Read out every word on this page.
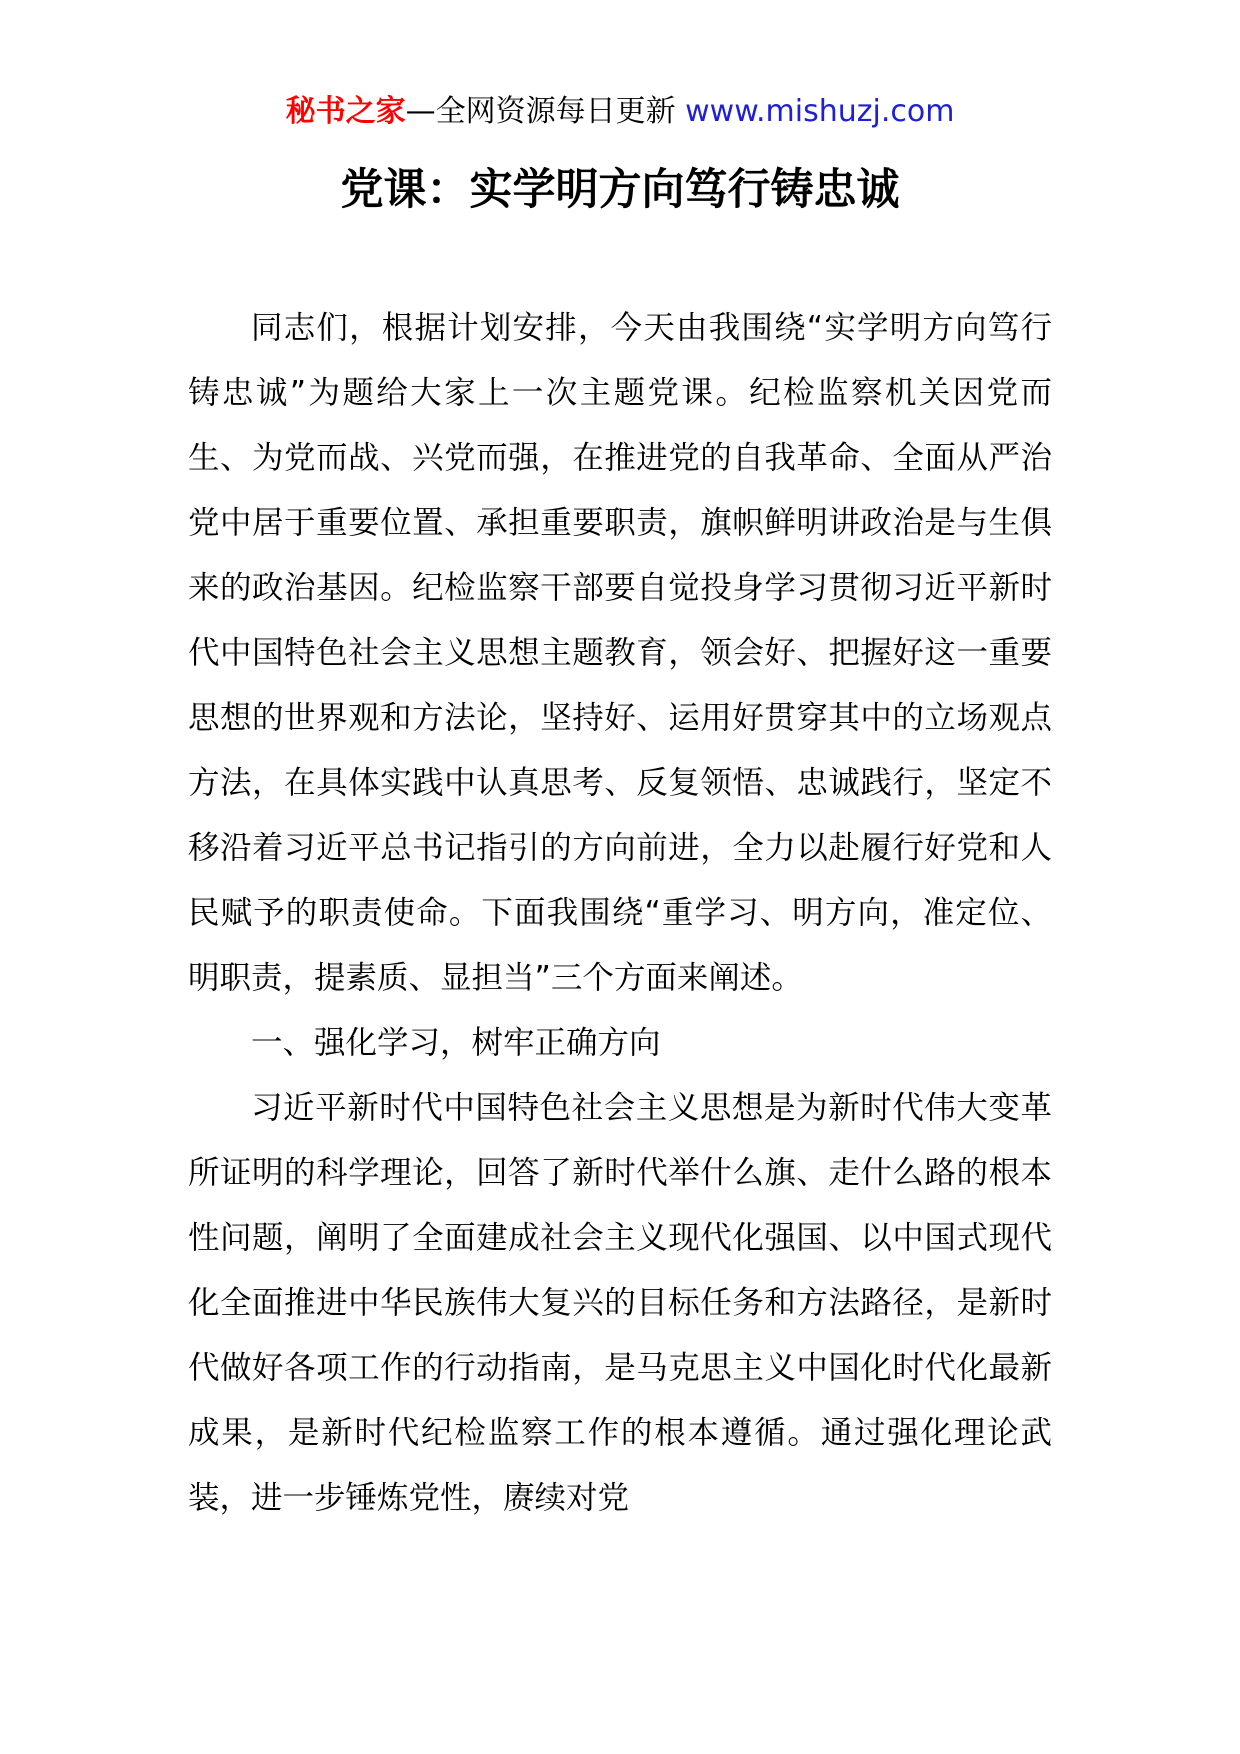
秘书之家—全网资源每日更新 www.mishuzj.com
党课：实学明方向笃行铸忠诚

同志们，根据计划安排，今天由我围绕“实学明方向笃行铸忠诚”为题给大家上一次主题党课。纪检监察机关因党而生、为党而战、兴党而强，在推进党的自我革命、全面从严治党中居于重要位置、承担重要职责，旗帜鲜明讲政治是与生俱来的政治基因。纪检监察干部要自觉投身学习贯彻习近平新时代中国特色社会主义思想主题教育，领会好、把握好这一重要思想的世界观和方法论，坚持好、运用好贯穿其中的立场观点方法，在具体实践中认真思考、反复领悟、忠诚践行，坚定不移沿着习近平总书记指引的方向前进，全力以赴履行好党和人民赋予的职责使命。下面我围绕“重学习、明方向，准定位、明职责，提素质、显担当”三个方面来阐述。

一、强化学习，树牢正确方向

习近平新时代中国特色社会主义思想是为新时代伟大变革所证明的科学理论，回答了新时代举什么旗、走什么路的根本性问题，阐明了全面建成社会主义现代化强国、以中国式现代化全面推进中华民族伟大复兴的目标任务和方法路径，是新时代做好各项工作的行动指南，是马克思主义中国化时代化最新成果，是新时代纪检监察工作的根本遵循。通过强化理论武装，进一步锤炼党性，赓续对党
